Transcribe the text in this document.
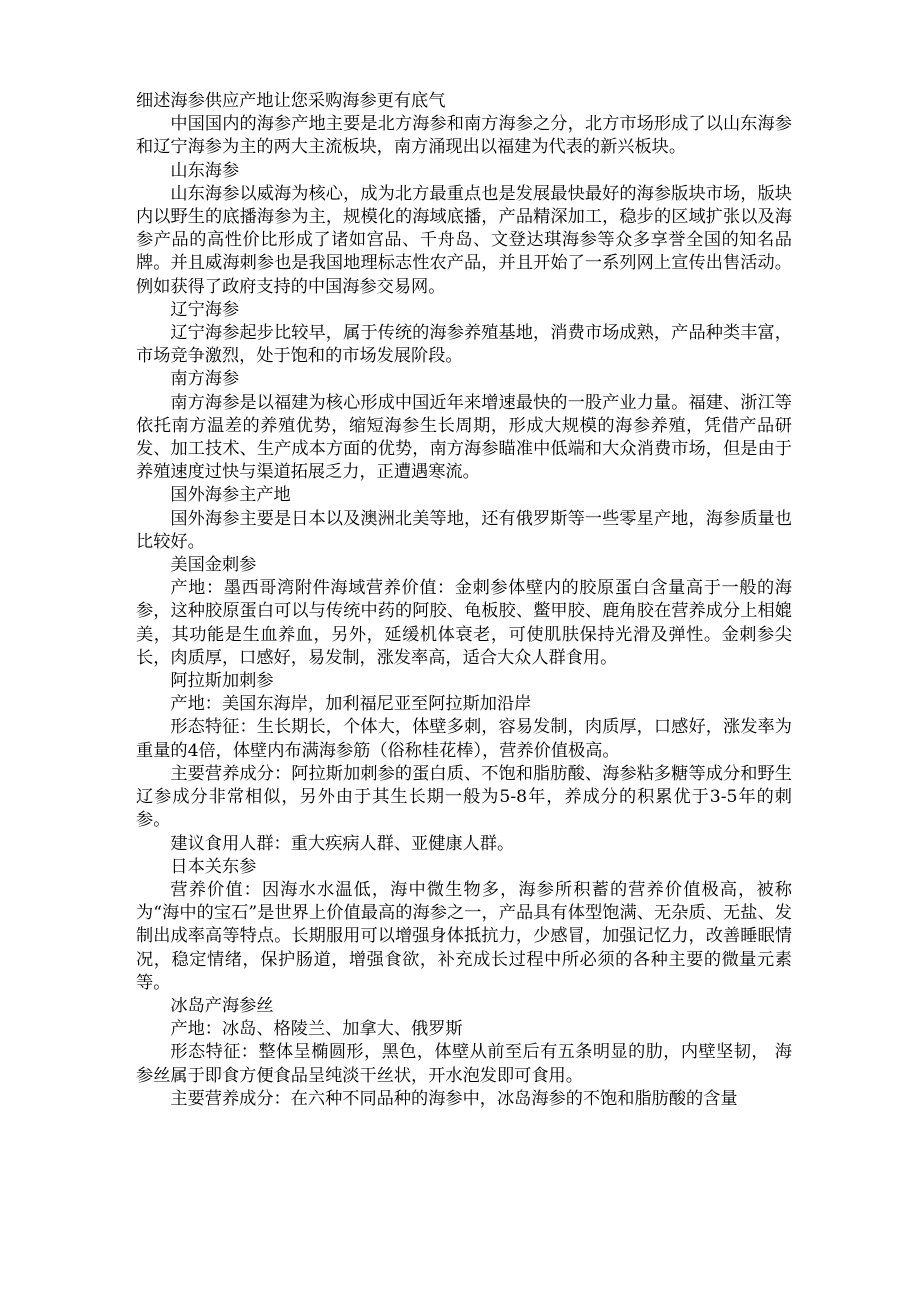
细述海参供应产地让您采购海参更有底气

中国国内的海参产地主要是北方海参和南方海参之分，北方市场形成了以山东海参和辽宁海参为主的两大主流板块，南方涌现出以福建为代表的新兴板块。

山东海参

山东海参以威海为核心，成为北方最重点也是发展最快最好的海参版块市场，版块内以野生的底播海参为主，规模化的海域底播，产品精深加工，稳步的区域扩张以及海参产品的高性价比形成了诸如宫品、千舟岛、文登达琪海参等众多享誉全国的知名品牌。并且威海刺参也是我国地理标志性农产品，并且开始了一系列网上宣传出售活动。例如获得了政府支持的中国海参交易网。

辽宁海参

辽宁海参起步比较早，属于传统的海参养殖基地，消费市场成熟，产品种类丰富，市场竞争激烈，处于饱和的市场发展阶段。

南方海参

南方海参是以福建为核心形成中国近年来增速最快的一股产业力量。福建、浙江等依托南方温差的养殖优势，缩短海参生长周期，形成大规模的海参养殖，凭借产品研发、加工技术、生产成本方面的优势，南方海参瞄准中低端和大众消费市场，但是由于养殖速度过快与渠道拓展乏力，正遭遇寒流。

国外海参主产地

国外海参主要是日本以及澳洲北美等地，还有俄罗斯等一些零星产地，海参质量也比较好。

美国金刺参

产地：墨西哥湾附件海域营养价值：金刺参体壁内的胶原蛋白含量高于一般的海参，这种胶原蛋白可以与传统中药的阿胶、龟板胶、鳖甲胶、鹿角胶在营养成分上相媲美，其功能是生血养血，另外，延缓机体衰老，可使肌肤保持光滑及弹性。金刺参尖长，肉质厚，口感好，易发制，涨发率高，适合大众人群食用。

阿拉斯加刺参

产地：美国东海岸，加利福尼亚至阿拉斯加沿岸

形态特征：生长期长，个体大，体壁多刺，容易发制，肉质厚，口感好，涨发率为重量的4倍，体壁内布满海参筋（俗称桂花棒），营养价值极高。

主要营养成分：阿拉斯加刺参的蛋白质、不饱和脂肪酸、海参粘多糖等成分和野生辽参成分非常相似，另外由于其生长期一般为5-8年，养成分的积累优于3-5年的刺参。

建议食用人群：重大疾病人群、亚健康人群。

日本关东参

营养价值：因海水水温低，海中微生物多，海参所积蓄的营养价值极高，被称为“海中的宝石”是世界上价值最高的海参之一，产品具有体型饱满、无杂质、无盐、发制出成率高等特点。长期服用可以增强身体抵抗力，少感冒，加强记忆力，改善睡眠情况，稳定情绪，保护肠道，增强食欲，补充成长过程中所必须的各种主要的微量元素等。

冰岛产海参丝

产地：冰岛、格陵兰、加拿大、俄罗斯

形态特征：整体呈椭圆形，黑色，体壁从前至后有五条明显的肋，内壁坚韧， 海参丝属于即食方便食品呈纯淡干丝状，开水泡发即可食用。

主要营养成分：在六种不同品种的海参中，冰岛海参的不饱和脂肪酸的含量
